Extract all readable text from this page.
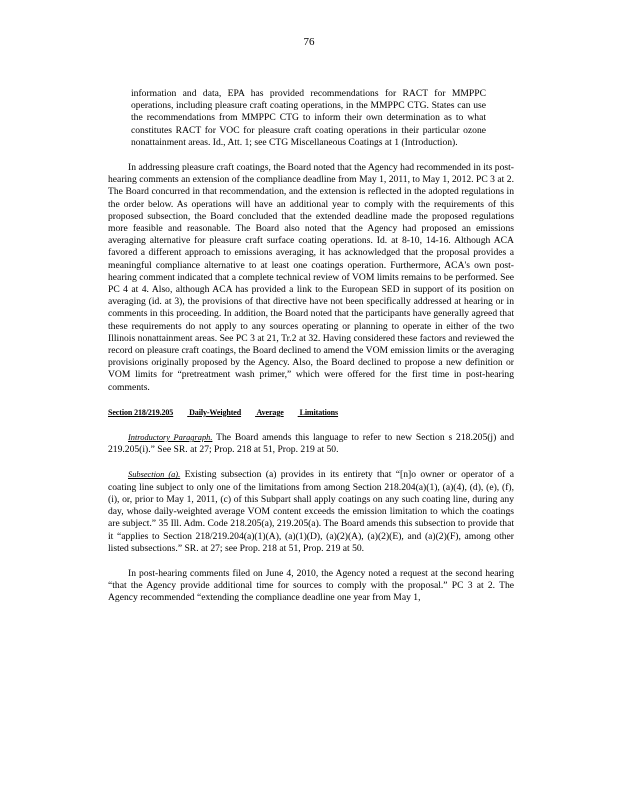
76

information and data, EPA has provided recommendations for RACT for MMPPC operations, including pleasure craft coating operations, in the MMPPC CTG. States can use the recommendations from MMPPC CTG to inform their own determination as to what constitutes RACT for VOC for pleasure craft coating operations in their particular ozone nonattainment areas. Id., Att. 1; see CTG Miscellaneous Coatings at 1 (Introduction).

In addressing pleasure craft coatings, the Board noted that the Agency had recommended in its post-hearing comments an extension of the compliance deadline from May 1, 2011, to May 1, 2012. PC 3 at 2. The Board concurred in that recommendation, and the extension is reflected in the adopted regulations in the order below. As operations will have an additional year to comply with the requirements of this proposed subsection, the Board concluded that the extended deadline made the proposed regulations more feasible and reasonable. The Board also noted that the Agency had proposed an emissions averaging alternative for pleasure craft surface coating operations. Id. at 8-10, 14-16. Although ACA favored a different approach to emissions averaging, it has acknowledged that the proposal provides a meaningful compliance alternative to at least one coatings operation. Furthermore, ACA's own post-hearing comment indicated that a complete technical review of VOM limits remains to be performed. See PC 4 at 4. Also, although ACA has provided a link to the European SED in support of its position on averaging (id. at 3), the provisions of that directive have not been specifically addressed at hearing or in comments in this proceeding. In addition, the Board noted that the participants have generally agreed that these requirements do not apply to any sources operating or planning to operate in either of the two Illinois nonattainment areas. See PC 3 at 21, Tr.2 at 32. Having considered these factors and reviewed the record on pleasure craft coatings, the Board declined to amend the VOM emission limits or the averaging provisions originally proposed by the Agency. Also, the Board declined to propose a new definition or VOM limits for “pretreatment wash primer,” which were offered for the first time in post-hearing comments.

Section 218/219.205 Daily-Weighted Average Limitations

Introductory Paragraph. The Board amends this language to refer to new Section s 218.205(j) and 219.205(i).” See SR. at 27; Prop. 218 at 51, Prop. 219 at 50.

Subsection (a). Existing subsection (a) provides in its entirety that “[n]o owner or operator of a coating line subject to only one of the limitations from among Section 218.204(a)(1), (a)(4), (d), (e), (f), (i), or, prior to May 1, 2011, (c) of this Subpart shall apply coatings on any such coating line, during any day, whose daily-weighted average VOM content exceeds the emission limitation to which the coatings are subject.” 35 Ill. Adm. Code 218.205(a), 219.205(a). The Board amends this subsection to provide that it “applies to Section 218/219.204(a)(1)(A), (a)(1)(D), (a)(2)(A), (a)(2)(E), and (a)(2)(F), among other listed subsections.” SR. at 27; see Prop. 218 at 51, Prop. 219 at 50.

In post-hearing comments filed on June 4, 2010, the Agency noted a request at the second hearing “that the Agency provide additional time for sources to comply with the proposal.” PC 3 at 2. The Agency recommended “extending the compliance deadline one year from May 1,
